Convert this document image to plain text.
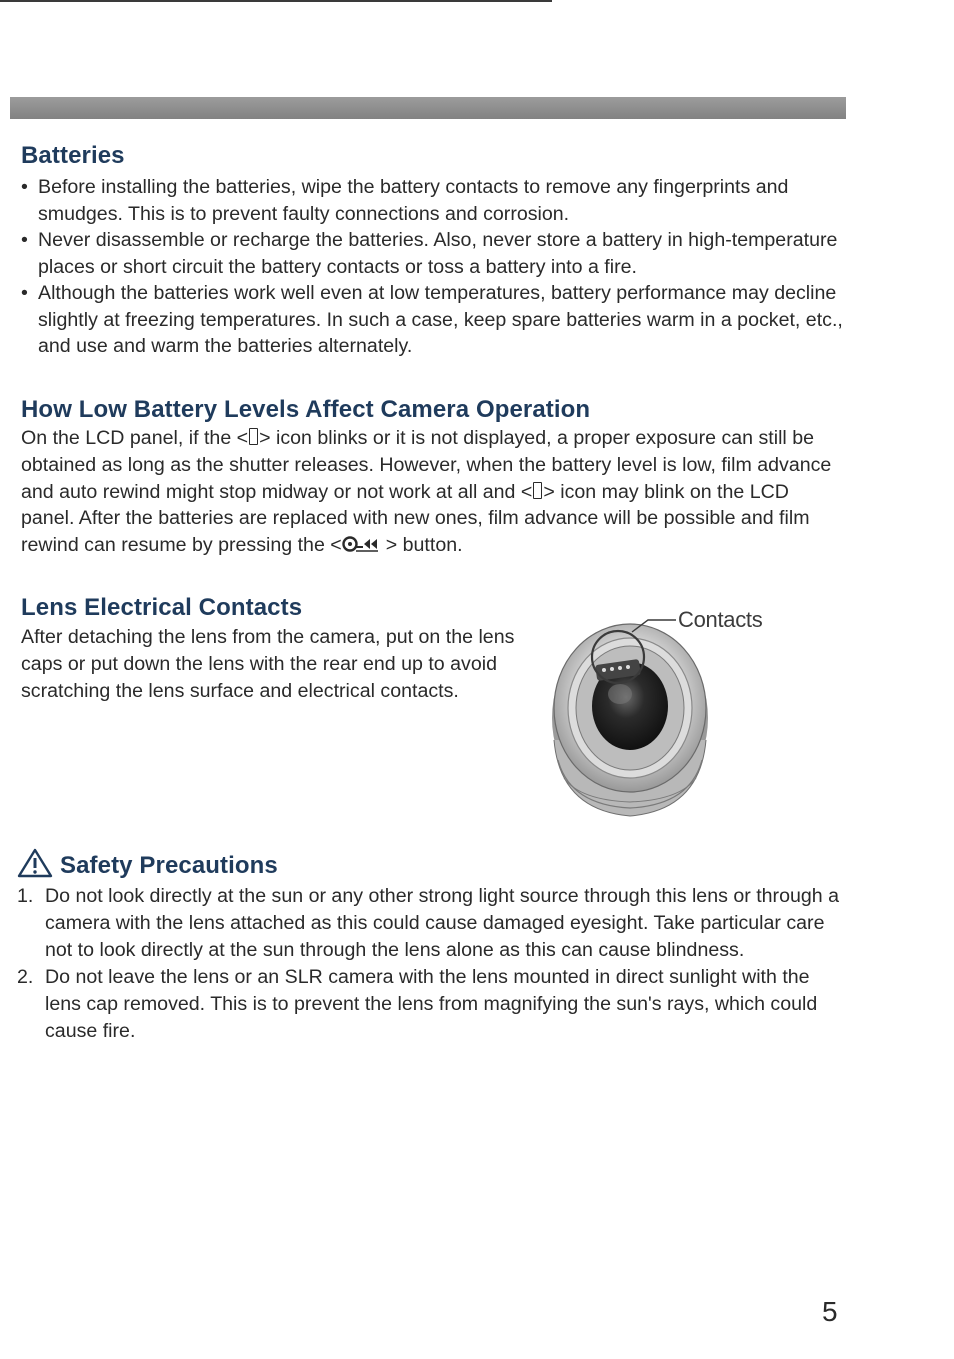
Batteries
• Before installing the batteries, wipe the battery contacts to remove any fingerprints and smudges. This is to prevent faulty connections and corrosion.
• Never disassemble or recharge the batteries. Also, never store a battery in high-temperature places or short circuit the battery contacts or toss a battery into a fire.
• Although the batteries work well even at low temperatures, battery performance may decline slightly at freezing temperatures. In such a case, keep spare batteries warm in a pocket, etc., and use and warm the batteries alternately.
How Low Battery Levels Affect Camera Operation

On the LCD panel, if the < > icon blinks or it is not displayed, a proper exposure can still be obtained as long as the shutter releases. However, when the battery level is low, film advance and auto rewind might stop midway or not work at all and < > icon may blink on the LCD panel. After the batteries are replaced with new ones, film advance will be possible and film rewind can resume by pressing the < > button.

Lens Electrical Contacts

After detaching the lens from the camera, put on the lens caps or put down the lens with the rear end up to avoid scratching the lens surface and electrical contacts.

Contacts
Safety Precautions
1. Do not look directly at the sun or any other strong light source through this lens or through a camera with the lens attached as this could cause damaged eyesight. Take particular care not to look directly at the sun through the lens alone as this can cause blindness.
2. Do not leave the lens or an SLR camera with the lens mounted in direct sunlight with the lens cap removed. This is to prevent the lens from magnifying the sun's rays, which could cause fire.
5
